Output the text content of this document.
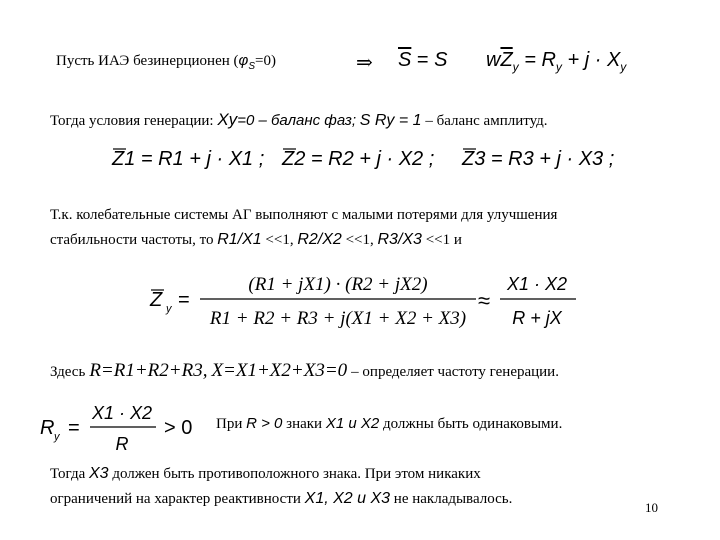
Пусть ИАЭ безинерционен $(\varphi_S=0)$	⇒ $\overline{S} = S$ $w\overline{Z}_y = R_y + j \cdot X_y$
Тогда условия генерации: Xy=0 – баланс фаз; S Ry = 1 – баланс амплитуд.
Z1 = R1 + j · X1 ; Z2 = R2 + j · X2 ; Z3 = R3 + j · X3 ;
Т.к. колебательные системы АГ выполняют с малыми потерями для улучшения
стабильности частоты, то R1/X1 <<1, R2/X2 <<1, R3/X3 <<1 и
Z y =
(R1 + jX1) · (R2 + jX2)
R1 + R2 + R3 + j(X1 + X2 + X3)
≈
X1 · X2
R + jX
Здесь R=R1+R2+R3, X=X1+X2+X3=0 – определяет частоту генерации.
R y =
X1 · X2
R
> 0 При R > 0 знаки X1 и X2 должны быть одинаковыми.
Тогда X3 должен быть противоположного знака. При этом никаких
ограничений на характер реактивности X1, X2 и X3 не накладывалось.
10
